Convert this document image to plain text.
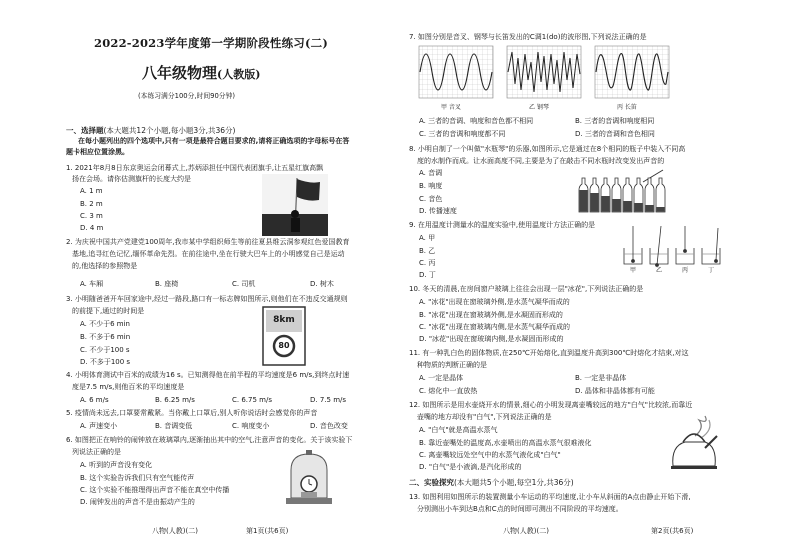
2022-2023学年度第一学期阶段性练习(二)
八年级物理(人教版)
(本练习满分100分,时间90分钟)
一、选择题(本大题共12个小题,每小题3分,共36分)
在每小题列出的四个选项中,只有一项是最符合题目要求的,请将正确选项的字母标号在答
题卡相应位置涂黑。
1. 2021年8月8日东京奥运会闭幕式上,苏炳添担任中国代表团旗手,让五星红旗高飘
扬在会场。请你估测旗杆的长度大约是
A. 1 m
B. 2 m
C. 3 m
D. 4 m
2. 为庆祝中国共产党建党100周年,我市某中学组织师生等前往夏县维云洞参观红色爱国教育
基地,追寻红色记忆,缅怀革命先烈。在前往途中,坐在行驶大巴车上的小明感觉自己是运动
的,他选择的参照物是
A. 车厢	B. 座椅	C. 司机	D. 树木
3. 小明随爸爸开车回家途中,经过一路段,路口有一标志牌如图所示,则他们在不违反交通规则
的前提下,通过的时间是
A. 不少于6 min
B. 不多于6 min
C. 不少于100 s
D. 不多于100 s
8km
80
4. 小明体育测试中百米的成绩为16 s。已知测得他在前半程的平均速度是6 m/s,到终点时速
度是7.5 m/s,则他百米的平均速度是
A. 6 m/s	B. 6.25 m/s	C. 6.75 m/s	D. 7.5 m/s
5. 疫情尚未远去,口罩要常戴紧。当你戴上口罩后,别人听你说话时会感觉你的声音
A. 声速变小	B. 音调变低	C. 响度变小	D. 音色改变
6. 如图把正在响铃的闹钟放在玻璃罩内,逐渐抽出其中的空气,注意声音的变化。关于该实验下
列说法正确的是
A. 听到的声音没有变化
B. 这个实验告诉我们只有空气能传声
C. 这个实验不能推理得出声音不能在真空中传播
D. 闹钟发出的声音不是由振动产生的
八物(人教)(二)	第1页(共6页)
7. 如图分别是音叉、钢琴与长笛发出的C调1(do)的波形图,下列说法正确的是
甲 音叉	乙 钢琴	丙 长笛
A. 三者的音调、响度和音色都不相同	B. 三者的音调和响度相同
C. 三者的音调和响度都不同	D. 三者的音调和音色相同
8. 小明自制了一个叫做"水瓶琴"的乐器,如图所示,它是通过在8个相同的瓶子中装入不同高
度的水制作而成。让水面高度不同,主要是为了在敲击不同水瓶时改变发出声音的
A. 音调
B. 响度
C. 音色
D. 传播速度
9. 在用温度计测量水的温度实验中,使用温度计方法正确的是
A. 甲
B. 乙
C. 丙
D. 丁
甲	乙	丙	丁
10. 冬天的清晨,在房间窗户玻璃上往往会出现一层"冰花",下列说法正确的是
A. "冰花"出现在窗玻璃外侧,是水蒸气凝华而成的
B. "冰花"出现在窗玻璃外侧,是水凝固而形成的
C. "冰花"出现在窗玻璃内侧,是水蒸气凝华而成的
D. "冰花"出现在窗玻璃内侧,是水凝固而形成的
11. 有一种乳白色的固体物质,在250℃开始熔化,直到温度升高到300℃时熔化才结束,对这
种物质的判断正确的是
A. 一定是晶体	B. 一定是非晶体
C. 熔化中一直放热	D. 晶体和非晶体都有可能
12. 如图所示是用水壶烧开水的情景,细心的小明发现离壶嘴较远的地方"白气"比较浓,而靠近
壶嘴的地方却没有"白气",下列说法正确的是
A. "白气"就是高温水蒸气
B. 靠近壶嘴处的温度高,水壶喷出的高温水蒸气很难液化
C. 离壶嘴较远处空气中的水蒸气液化成"白气"
D. "白气"是小液滴,是汽化形成的
二、实验探究(本大题共5个小题,每空1分,共36分)
13. 如图利用如图所示的装置测量小车运动的平均速度,让小车从斜面的A点由静止开始下滑,
分别测出小车到达B点和C点的时间即可测出不同阶段的平均速度。
八物(人教)(二)	第2页(共6页)
